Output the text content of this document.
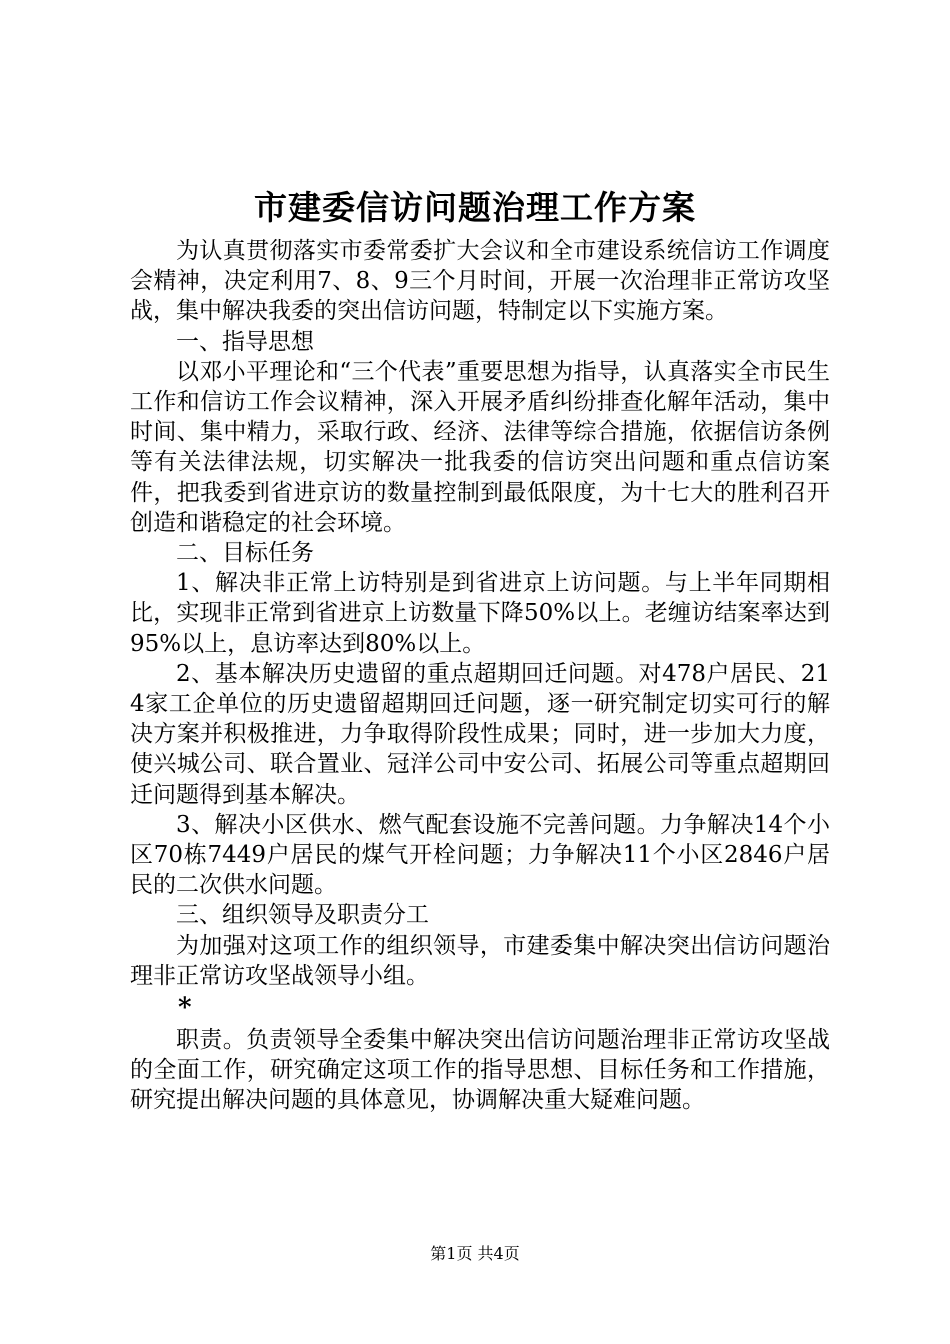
市建委信访问题治理工作方案

为认真贯彻落实市委常委扩大会议和全市建设系统信访工作调度会精神，决定利用7、8、9三个月时间，开展一次治理非正常访攻坚战，集中解决我委的突出信访问题，特制定以下实施方案。

一、指导思想

以邓小平理论和“三个代表”重要思想为指导，认真落实全市民生工作和信访工作会议精神，深入开展矛盾纠纷排查化解年活动，集中时间、集中精力，采取行政、经济、法律等综合措施，依据信访条例等有关法律法规，切实解决一批我委的信访突出问题和重点信访案件，把我委到省进京访的数量控制到最低限度，为十七大的胜利召开创造和谐稳定的社会环境。

二、目标任务

1、解决非正常上访特别是到省进京上访问题。与上半年同期相比，实现非正常到省进京上访数量下降50%以上。老缠访结案率达到95%以上，息访率达到80%以上。

2、基本解决历史遗留的重点超期回迁问题。对478户居民、214家工企单位的历史遗留超期回迁问题，逐一研究制定切实可行的解决方案并积极推进，力争取得阶段性成果；同时，进一步加大力度，使兴城公司、联合置业、冠洋公司中安公司、拓展公司等重点超期回迁问题得到基本解决。

3、解决小区供水、燃气配套设施不完善问题。力争解决14个小区70栋7449户居民的煤气开栓问题；力争解决11个小区2846户居民的二次供水问题。

三、组织领导及职责分工

为加强对这项工作的组织领导，市建委集中解决突出信访问题治理非正常访攻坚战领导小组。

*

职责。负责领导全委集中解决突出信访问题治理非正常访攻坚战的全面工作，研究确定这项工作的指导思想、目标任务和工作措施，研究提出解决问题的具体意见，协调解决重大疑难问题。

第1页 共4页
